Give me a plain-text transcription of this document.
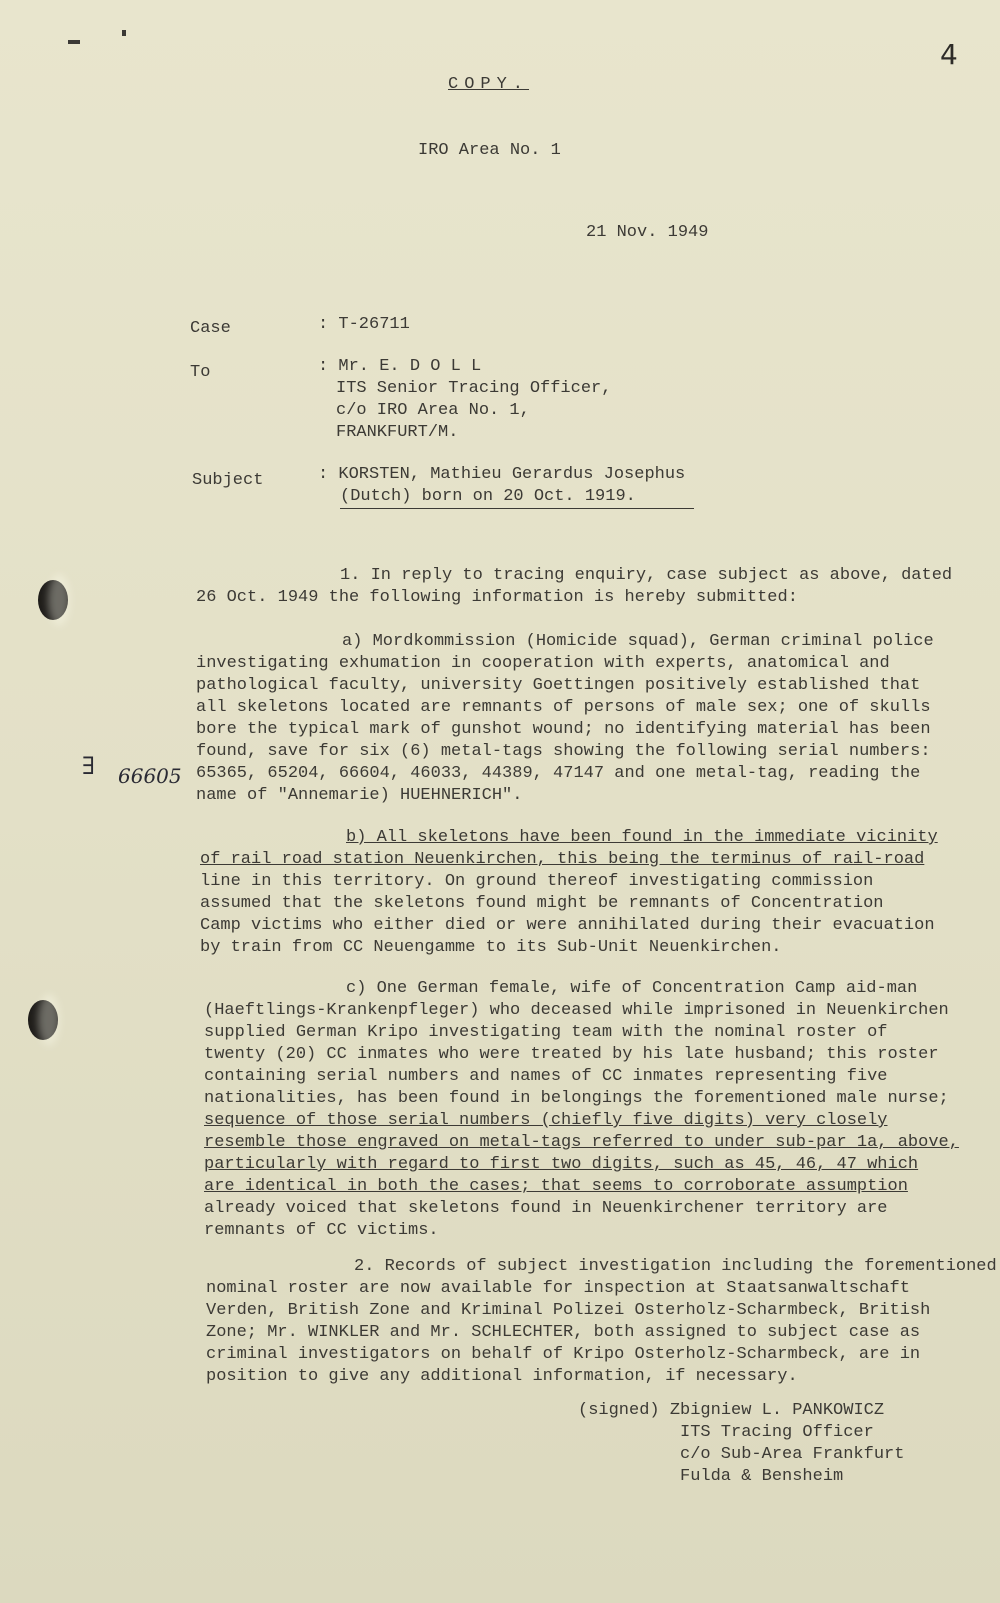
COPY.
4
IRO Area No. 1
21 Nov. 1949
Case	: T-26711
To	: Mr. E. D O L L
ITS Senior Tracing Officer,
c/o IRO Area No. 1,
FRANKFURT/M.
Subject	: KORSTEN, Mathieu Gerardus Josephus
(Dutch) born on 20 Oct. 1919.
1. In reply to tracing enquiry, case subject as above, dated
26 Oct. 1949 the following information is hereby submitted:
a) Mordkommission (Homicide squad), German criminal police
investigating exhumation in cooperation with experts, anatomical and
pathological faculty, university Goettingen positively established that
all skeletons located are remnants of persons of male sex; one of skulls
bore the typical mark of gunshot wound; no identifying material has been
found, save for six (6) metal-tags showing the following serial numbers:
65365, 65204, 66604, 46033, 44389, 47147 and one metal-tag, reading the
name of "Annemarie) HUEHNERICH".
66605
∃
b) All skeletons have been found in the immediate vicinity
of rail road station Neuenkirchen, this being the terminus of rail-road
line in this territory. On ground thereof investigating commission
assumed that the skeletons found might be remnants of Concentration
Camp victims who either died or were annihilated during their evacuation
by train from CC Neuengamme to its Sub-Unit Neuenkirchen.
c) One German female, wife of Concentration Camp aid-man
(Haeftlings-Krankenpfleger) who deceased while imprisoned in Neuenkirchen
supplied German Kripo investigating team with the nominal roster of
twenty (20) CC inmates who were treated by his late husband; this roster
containing serial numbers and names of CC inmates representing five
nationalities, has been found in belongings the forementioned male nurse;
sequence of those serial numbers (chiefly five digits) very closely
resemble those engraved on metal-tags referred to under sub-par 1a, above,
particularly with regard to first two digits, such as 45, 46, 47 which
are identical in both the cases; that seems to corroborate assumption
already voiced that skeletons found in Neuenkirchener territory are
remnants of CC victims.
2. Records of subject investigation including the forementioned
nominal roster are now available for inspection at Staatsanwaltschaft
Verden, British Zone and Kriminal Polizei Osterholz-Scharmbeck, British
Zone; Mr. WINKLER and Mr. SCHLECHTER, both assigned to subject case as
criminal investigators on behalf of Kripo Osterholz-Scharmbeck, are in
position to give any additional information, if necessary.
(signed) Zbigniew L. PANKOWICZ
ITS Tracing Officer
c/o Sub-Area Frankfurt
Fulda & Bensheim
